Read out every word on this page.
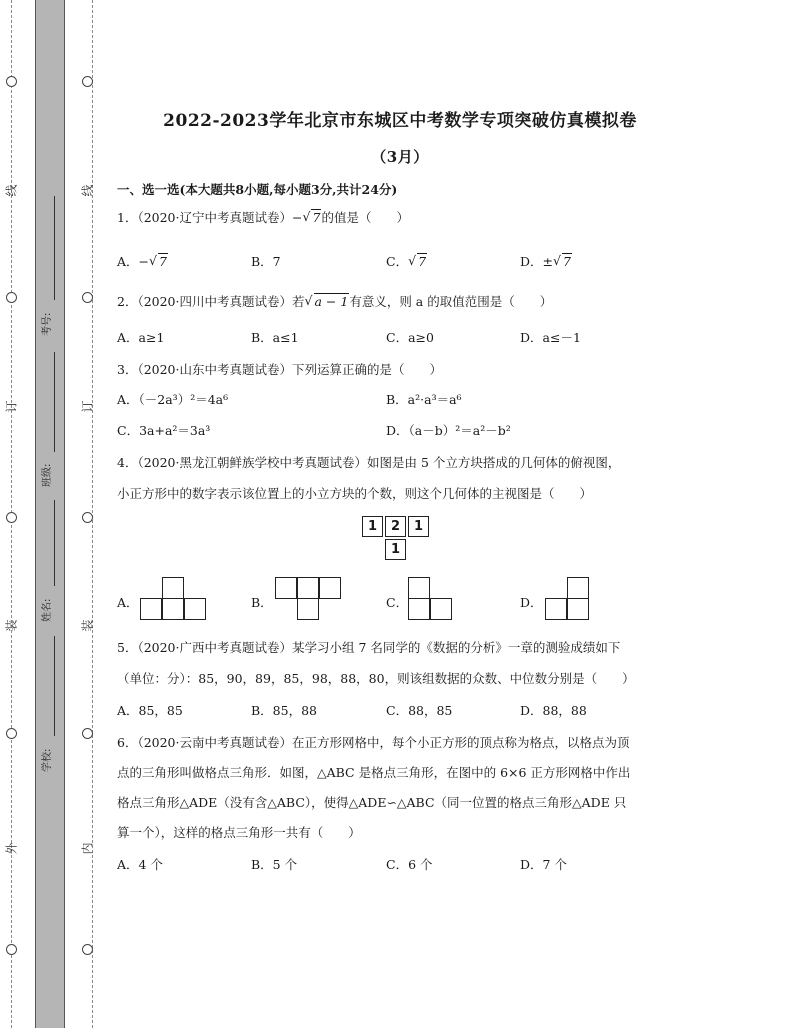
线
订
装
外
线
订
装
内
考号:
班级:
姓名:
学校:
2022-2023学年北京市东城区中考数学专项突破仿真模拟卷
（3月）
一、选一选(本大题共8小题,每小题3分,共计24分)
1．（2020·辽宁中考真题试卷）− √ 7的值是（　　）
A．− √ 7	B．7	C． √ 7	D．± √ 7
2．（2020·四川中考真题试卷）若 √ a − 1有意义，则 a 的取值范围是（　　）
A．a≥1	B．a≤1	C．a≥0	D．a≤－1
3．（2020·山东中考真题试卷）下列运算正确的是（　　）
A．（－2a³）²＝4a⁶	B．a²·a³＝a⁶
C．3a+a²＝3a³	D．（a－b）²＝a²－b²
4．（2020·黑龙江朝鲜族学校中考真题试卷）如图是由 5 个立方块搭成的几何体的俯视图，
小正方形中的数字表示该位置上的小立方块的个数，则这个几何体的主视图是（　　）
1	2	1
1
A．	B．	C．	D．
5．（2020·广西中考真题试卷）某学习小组 7 名同学的《数据的分析》一章的测验成绩如下
（单位：分）：85，90，89，85，98，88，80，则该组数据的众数、中位数分别是（　　）
A．85，85	B．85，88	C．88，85	D．88，88
6．（2020·云南中考真题试卷）在正方形网格中，每个小正方形的顶点称为格点，以格点为顶
点的三角形叫做格点三角形．如图，△ABC 是格点三角形，在图中的 6×6 正方形网格中作出
格点三角形△ADE（没有含△ABC），使得△ADE∽△ABC（同一位置的格点三角形△ADE 只
算一个），这样的格点三角形一共有（　　）
A．4 个	B．5 个	C．6 个	D．7 个
